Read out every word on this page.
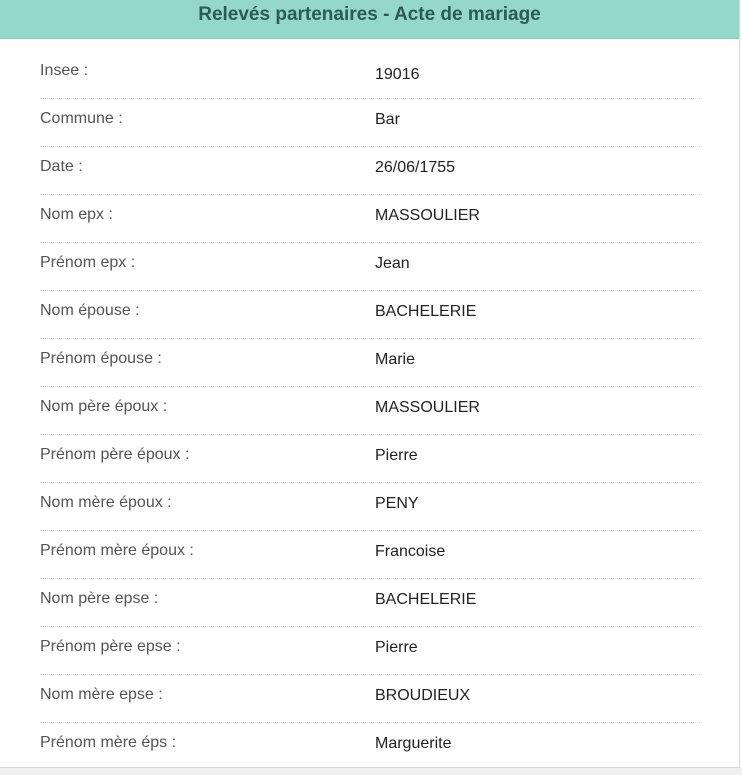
Relevés partenaires - Acte de mariage
Insee :	19016
Commune :	Bar
Date :	26/06/1755
Nom epx :	MASSOULIER
Prénom epx :	Jean
Nom épouse :	BACHELERIE
Prénom épouse :	Marie
Nom père époux :	MASSOULIER
Prénom père époux :	Pierre
Nom mère époux :	PENY
Prénom mère époux :	Francoise
Nom père epse :	BACHELERIE
Prénom père epse :	Pierre
Nom mère epse :	BROUDIEUX
Prénom mère éps :	Marguerite
